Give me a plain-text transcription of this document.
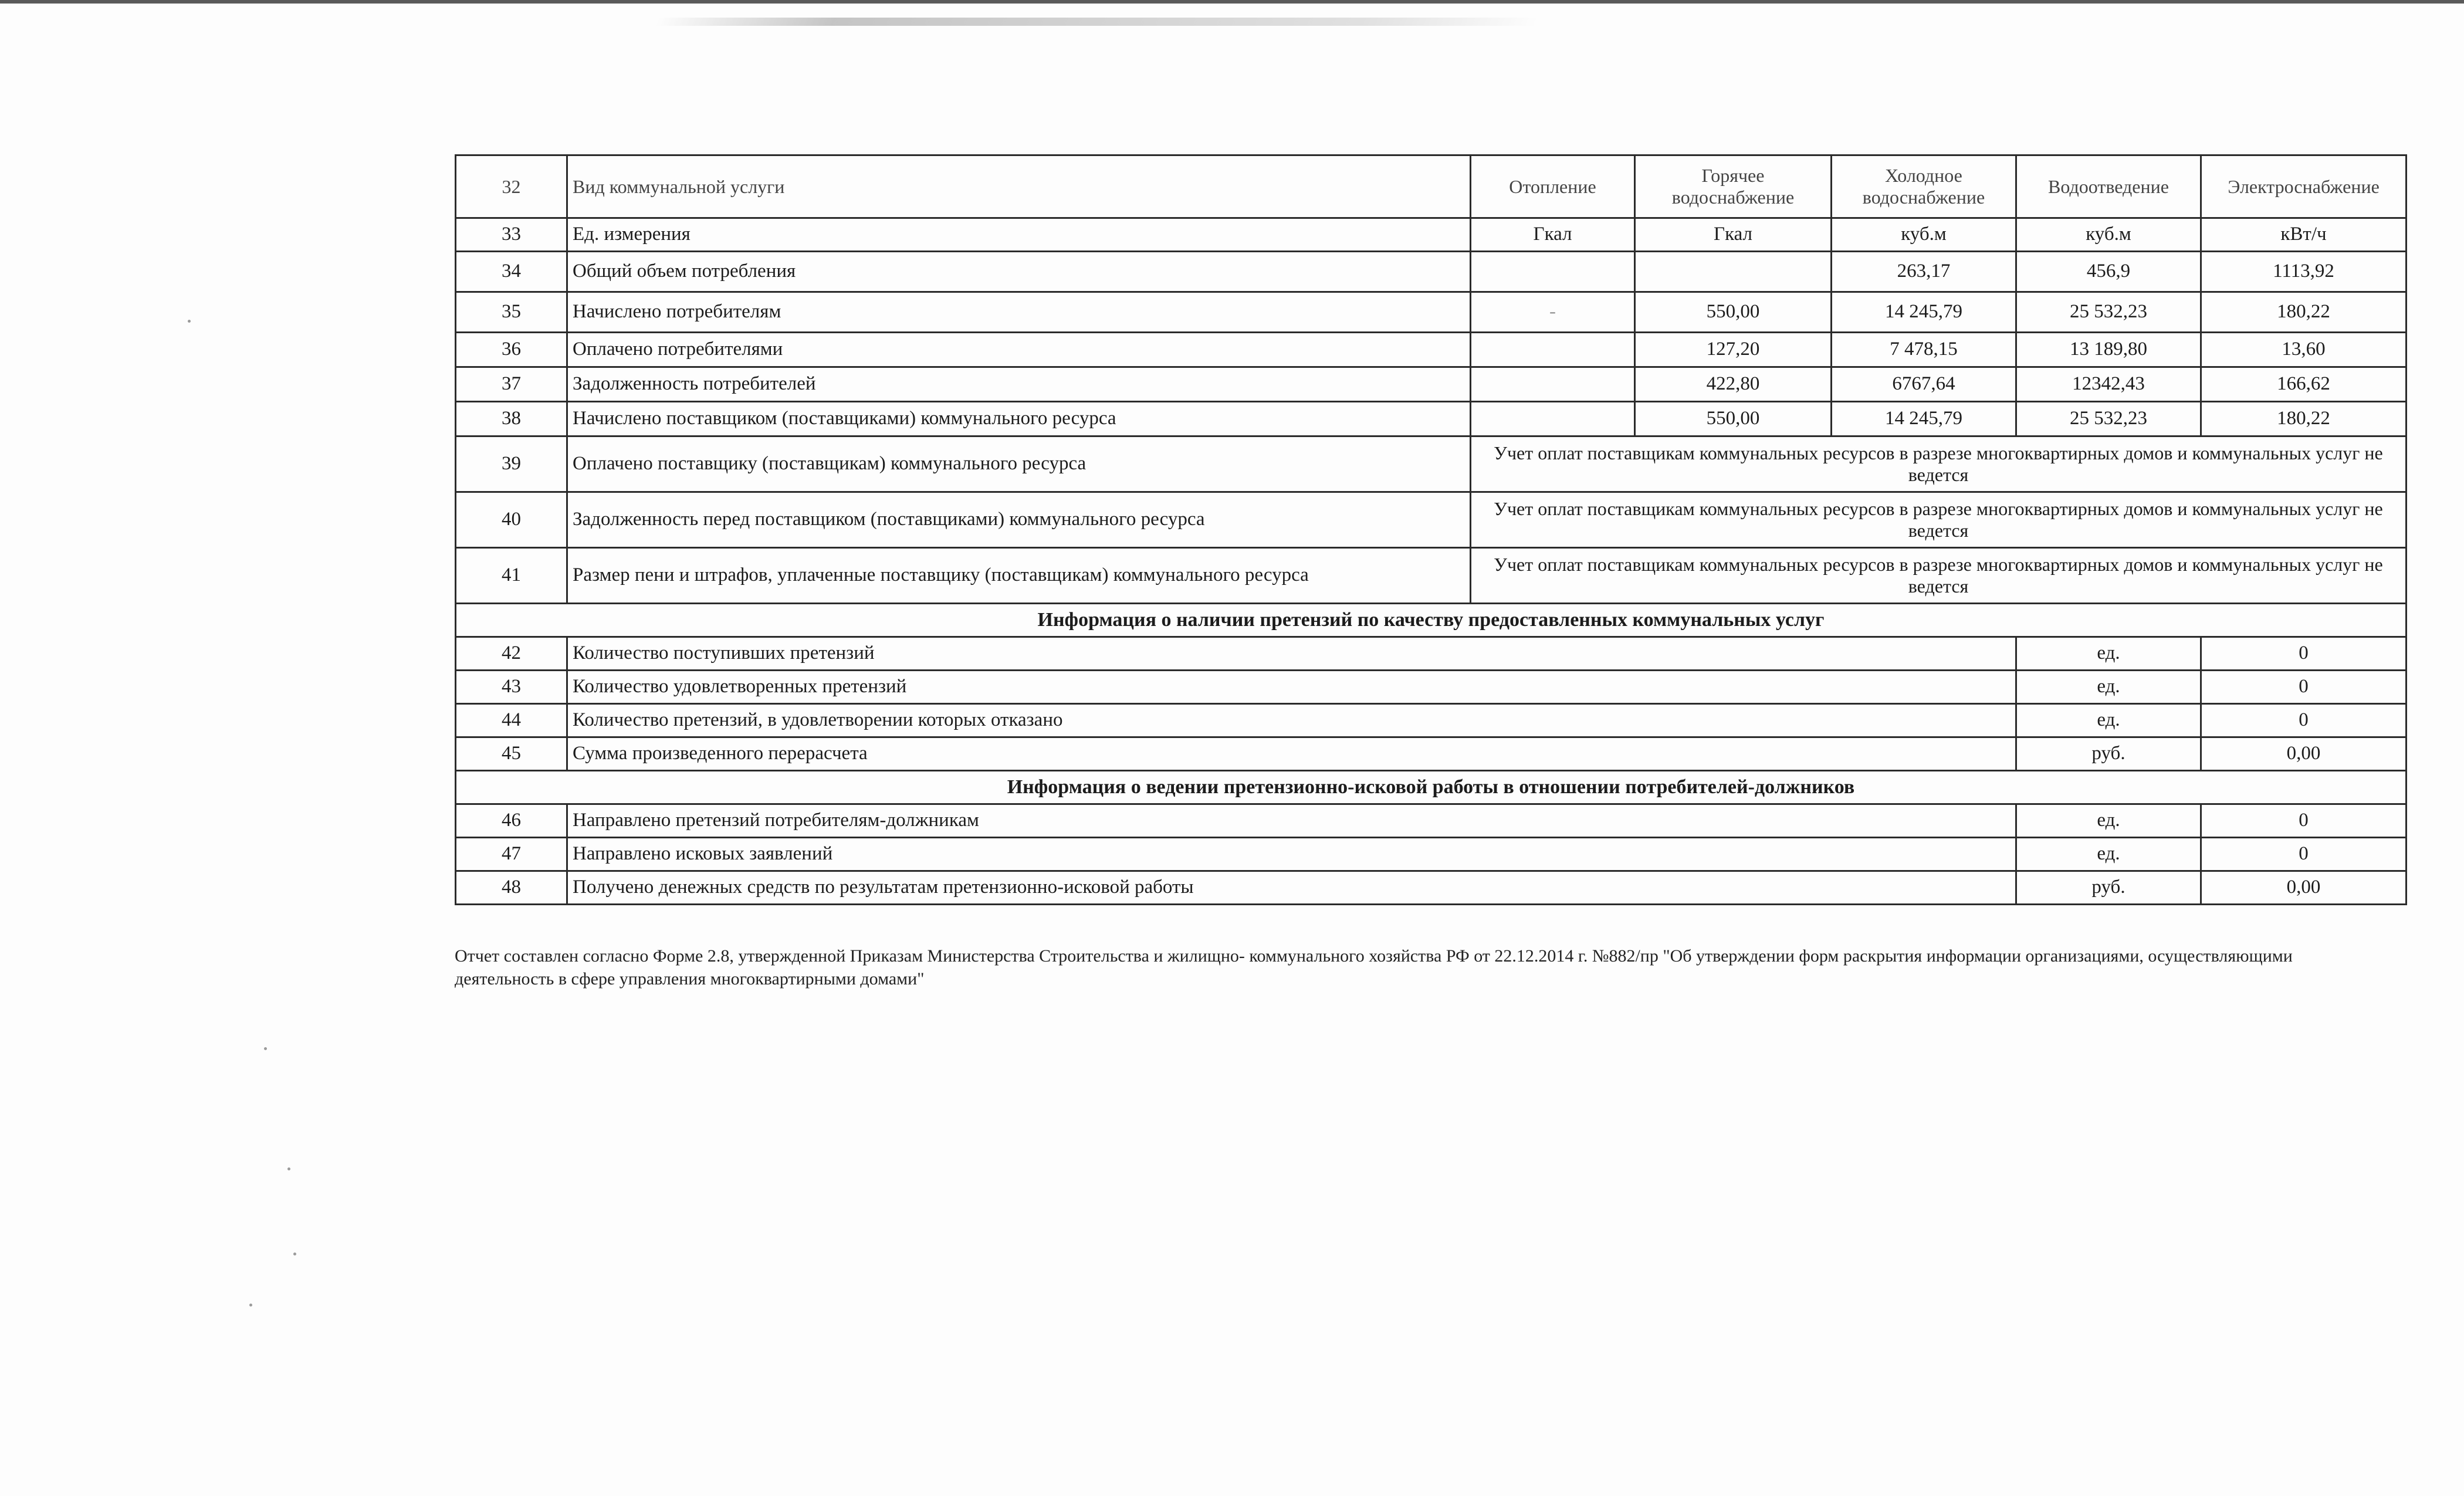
32	Вид коммунальной услуги	Отопление	Горячее водоснабжение	Холодное водоснабжение	Водоотведение	Электроснабжение
33	Ед. измерения	Гкал	Гкал	куб.м	куб.м	кВт/ч
34	Общий объем потребления			263,17	456,9	1113,92
35	Начислено потребителям	-	550,00	14 245,79	25 532,23	180,22
36	Оплачено потребителями		127,20	7 478,15	13 189,80	13,60
37	Задолженность потребителей		422,80	6767,64	12342,43	166,62
38	Начислено поставщиком (поставщиками) коммунального ресурса		550,00	14 245,79	25 532,23	180,22
39	Оплачено поставщику (поставщикам) коммунального ресурса	Учет оплат поставщикам коммунальных ресурсов в разрезе многоквартирных домов и коммунальных услуг не ведется				
40	Задолженность перед поставщиком (поставщиками) коммунального ресурса	Учет оплат поставщикам коммунальных ресурсов в разрезе многоквартирных домов и коммунальных услуг не ведется				
41	Размер пени и штрафов, уплаченные поставщику (поставщикам) коммунального ресурса	Учет оплат поставщикам коммунальных ресурсов в разрезе многоквартирных домов и коммунальных услуг не ведется				
Информация о наличии претензий по качеству предоставленных коммунальных услуг						
42	Количество поступивших претензий				ед.	0
43	Количество удовлетворенных претензий				ед.	0
44	Количество претензий, в удовлетворении которых отказано				ед.	0
45	Сумма произведенного перерасчета				руб.	0,00
Информация о ведении претензионно-исковой работы в отношении потребителей-должников						
46	Направлено претензий потребителям-должникам				ед.	0
47	Направлено исковых заявлений				ед.	0
48	Получено денежных средств по результатам претензионно-исковой работы				руб.	0,00
Отчет составлен согласно Форме 2.8, утвержденной Приказам Министерства Строительства и жилищно- коммунального хозяйства РФ от 22.12.2014 г. №882/пр "Об утверждении форм раскрытия информации организациями, осуществляющими деятельность в сфере управления многоквартирными домами"
